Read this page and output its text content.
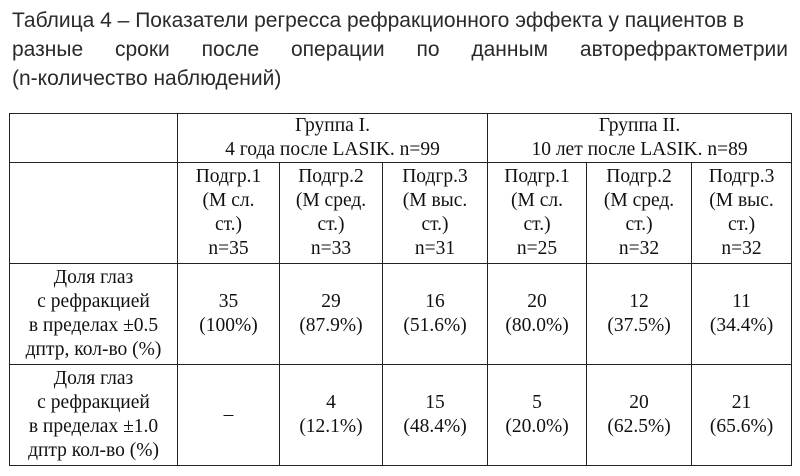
Таблица 4 – Показатели регресса рефракционного эффекта у пациентов в
разные сроки после операции по данным авторефрактометрии
(n-количество наблюдений)

	Группа I.
4 года после LASIK. n=99			Группа II.
10 лет после LASIK. n=89		

	Подгр.1
(М сл.
ст.)
n=35	Подгр.2
(М сред.
ст.)
n=33	Подгр.3
(М выс.
ст.)
n=31	Подгр.1
(М сл.
ст.)
n=25	Подгр.2
(М сред.
ст.)
n=32	Подгр.3
(М выс.
ст.)
n=32

Доля глаз
с рефракцией
в пределах ±0.5
дптр, кол-во (%)	35
(100%)	29
(87.9%)	16
(51.6%)	20
(80.0%)	12
(37.5%)	11
(34.4%)

Доля глаз
с рефракцией
в пределах ±1.0
дптр кол-во (%)	–	4
(12.1%)	15
(48.4%)	5
(20.0%)	20
(62.5%)	21
(65.6%)
